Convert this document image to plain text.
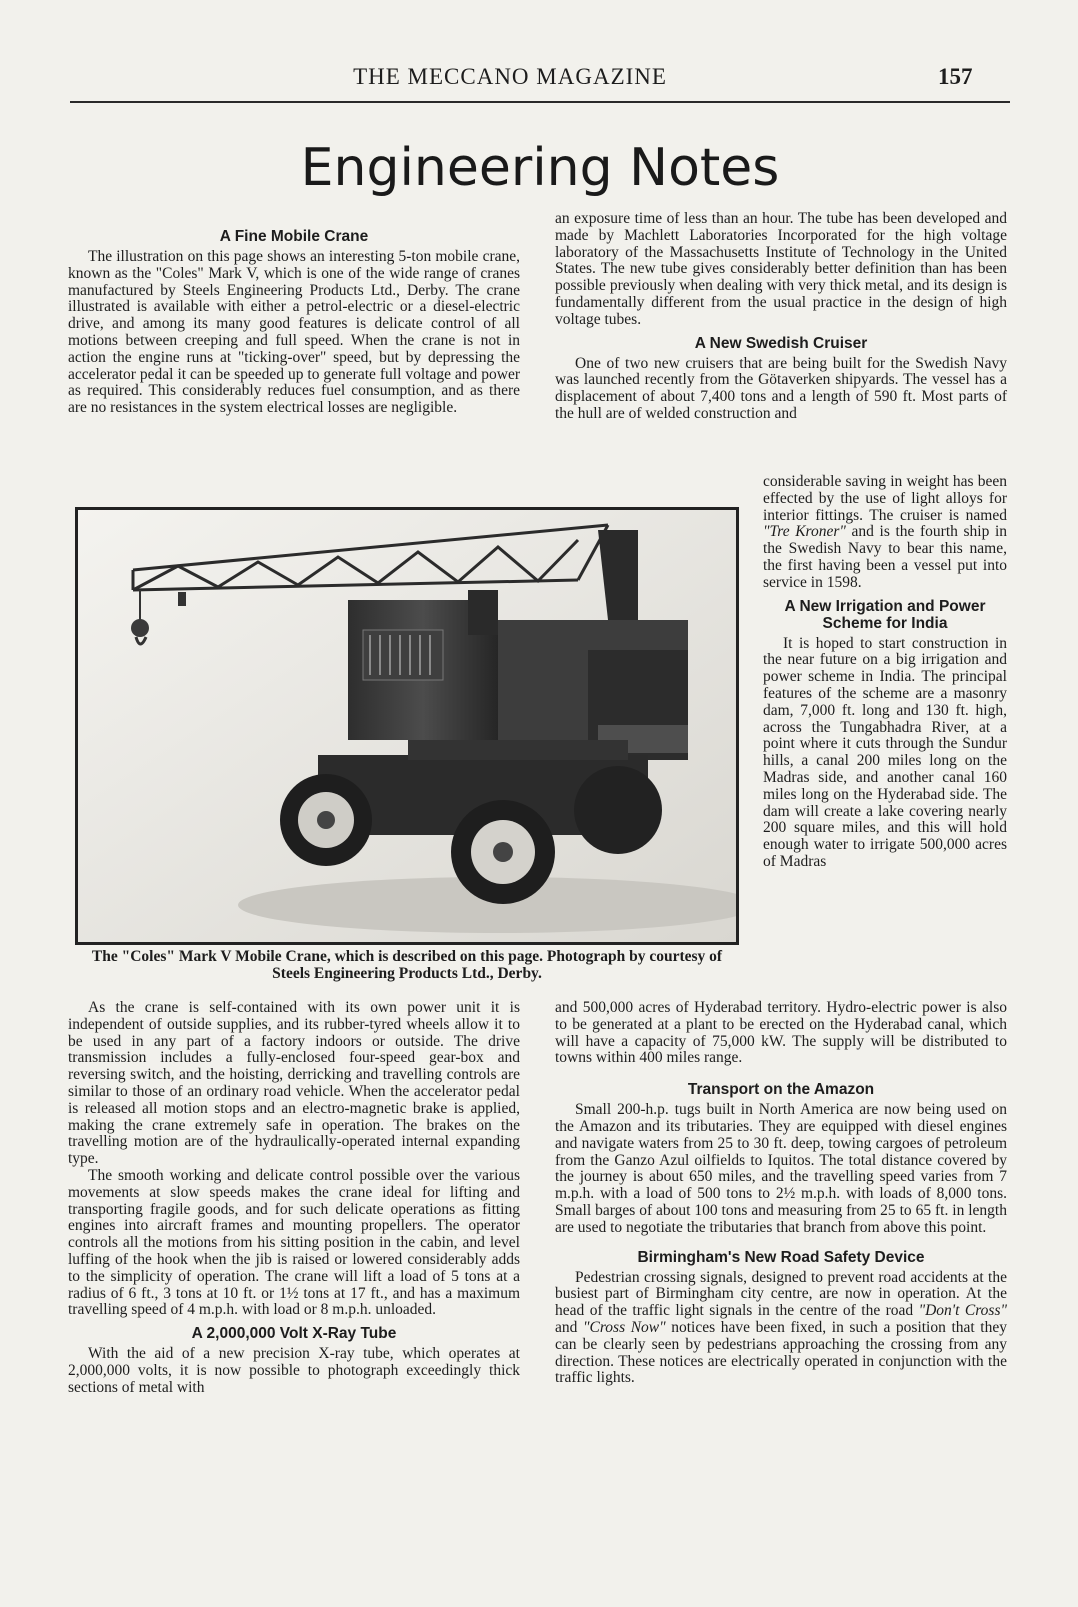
THE MECCANO MAGAZINE	157
Engineering Notes
A Fine Mobile Crane

The illustration on this page shows an interesting 5-ton mobile crane, known as the "Coles" Mark V, which is one of the wide range of cranes manufactured by Steels Engineering Products Ltd., Derby. The crane illustrated is available with either a petrol-electric or a diesel-electric drive, and among its many good features is delicate control of all motions between creeping and full speed. When the crane is not in action the engine runs at "ticking-over" speed, but by depressing the accelerator pedal it can be speeded up to generate full voltage and power as required. This considerably reduces fuel consumption, and as there are no resistances in the system electrical losses are negligible.

an exposure time of less than an hour. The tube has been developed and made by Machlett Laboratories Incorporated for the high voltage laboratory of the Massachusetts Institute of Technology in the United States. The new tube gives considerably better definition than has been possible previously when dealing with very thick metal, and its design is fundamentally different from the usual practice in the design of high voltage tubes.

A New Swedish Cruiser

One of two new cruisers that are being built for the Swedish Navy was launched recently from the Götaverken shipyards. The vessel has a displacement of about 7,400 tons and a length of 590 ft. Most parts of the hull are of welded construction and

The "Coles" Mark V Mobile Crane, which is described on this page. Photograph by courtesy of Steels Engineering Products Ltd., Derby.

considerable saving in weight has been effected by the use of light alloys for interior fittings. The cruiser is named "Tre Kroner" and is the fourth ship in the Swedish Navy to bear this name, the first having been a vessel put into service in 1598.

A New Irrigation and Power Scheme for India

It is hoped to start construction in the near future on a big irrigation and power scheme in India. The principal features of the scheme are a masonry dam, 7,000 ft. long and 130 ft. high, across the Tungabhadra River, at a point where it cuts through the Sundur hills, a canal 200 miles long on the Madras side, and another canal 160 miles long on the Hyderabad side. The dam will create a lake covering nearly 200 square miles, and this will hold enough water to irrigate 500,000 acres of Madras

As the crane is self-contained with its own power unit it is independent of outside supplies, and its rubber-tyred wheels allow it to be used in any part of a factory indoors or outside. The drive transmission includes a fully-enclosed four-speed gear-box and reversing switch, and the hoisting, derricking and travelling controls are similar to those of an ordinary road vehicle. When the accelerator pedal is released all motion stops and an electro-magnetic brake is applied, making the crane extremely safe in operation. The brakes on the travelling motion are of the hydraulically-operated internal expanding type.

The smooth working and delicate control possible over the various movements at slow speeds makes the crane ideal for lifting and transporting fragile goods, and for such delicate operations as fitting engines into aircraft frames and mounting propellers. The operator controls all the motions from his sitting position in the cabin, and level luffing of the hook when the jib is raised or lowered considerably adds to the simplicity of operation. The crane will lift a load of 5 tons at a radius of 6 ft., 3 tons at 10 ft. or 1½ tons at 17 ft., and has a maximum travelling speed of 4 m.p.h. with load or 8 m.p.h. unloaded.

A 2,000,000 Volt X-Ray Tube

With the aid of a new precision X-ray tube, which operates at 2,000,000 volts, it is now possible to photograph exceedingly thick sections of metal with

and 500,000 acres of Hyderabad territory. Hydro-electric power is also to be generated at a plant to be erected on the Hyderabad canal, which will have a capacity of 75,000 kW. The supply will be distributed to towns within 400 miles range.

Transport on the Amazon

Small 200-h.p. tugs built in North America are now being used on the Amazon and its tributaries. They are equipped with diesel engines and navigate waters from 25 to 30 ft. deep, towing cargoes of petroleum from the Ganzo Azul oilfields to Iquitos. The total distance covered by the journey is about 650 miles, and the travelling speed varies from 7 m.p.h. with a load of 500 tons to 2½ m.p.h. with loads of 8,000 tons. Small barges of about 100 tons and measuring from 25 to 65 ft. in length are used to negotiate the tributaries that branch from above this point.

Birmingham's New Road Safety Device

Pedestrian crossing signals, designed to prevent road accidents at the busiest part of Birmingham city centre, are now in operation. At the head of the traffic light signals in the centre of the road "Don't Cross" and "Cross Now" notices have been fixed, in such a position that they can be clearly seen by pedestrians approaching the crossing from any direction. These notices are electrically operated in conjunction with the traffic lights.
